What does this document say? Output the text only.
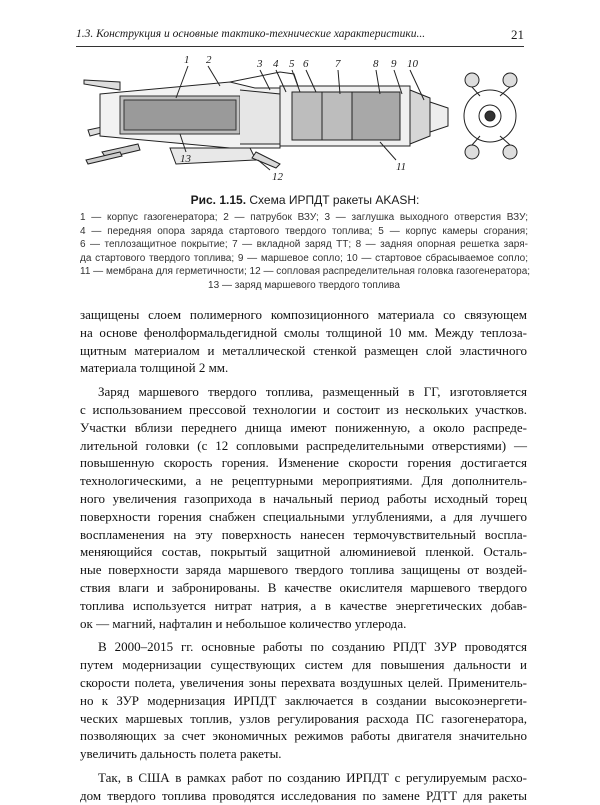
1.3. Конструкция и основные тактико-технические характеристики...	21
1 2	3 4 5 6 7	8 9 10
11
12
13
Рис. 1.15. Схема ИРПДТ ракеты AKASH:
1 — корпус газогенератора; 2 — патрубок ВЗУ; 3 — заглушка выходного отверстия ВЗУ;
4 — передняя опора заряда стартового твердого топлива; 5 — корпус камеры сгорания;
6 — теплозащитное покрытие; 7 — вкладной заряд ТТ; 8 — задняя опорная решетка заря-
да стартового твердого топлива; 9 — маршевое сопло; 10 — стартовое сбрасываемое сопло;
11 — мембрана для герметичности; 12 — сопловая распределительная головка газогенератора;
13 — заряд маршевого твердого топлива
защищены слоем полимерного композиционного материала со связующем
на основе фенолформальдегидной смолы толщиной 10 мм. Между теплоза-
щитным материалом и металлической стенкой размещен слой эластичного
материала толщиной 2 мм.
Заряд маршевого твердого топлива, размещенный в ГГ, изготовляется
с использованием прессовой технологии и состоит из нескольких участков.
Участки вблизи переднего днища имеют пониженную, а около распреде-
лительной головки (с 12 сопловыми распределительными отверстиями) —
повышенную скорость горения. Изменение скорости горения достигается
технологическими, а не рецептурными мероприятиями. Для дополнитель-
ного увеличения газоприхода в начальный период работы исходный торец
поверхности горения снабжен специальными углублениями, а для лучшего
воспламенения на эту поверхность нанесен термочувствительный воспла-
меняющийся состав, покрытый защитной алюминиевой пленкой. Осталь-
ные поверхности заряда маршевого твердого топлива защищены от воздей-
ствия влаги и забронированы. В качестве окислителя маршевого твердого
топлива используется нитрат натрия, а в качестве энергетических добав-
ок — магний, нафталин и небольшое количество углерода.
В 2000–2015 гг. основные работы по созданию РПДТ ЗУР проводятся
путем модернизации существующих систем для повышения дальности и
скорости полета, увеличения зоны перехвата воздушных целей. Применитель-
но к ЗУР модернизация ИРПДТ заключается в создании высокоэнергети-
ческих маршевых топлив, узлов регулирования расхода ПС газогенератора,
позволяющих за счет экономичных режимов работы двигателя значительно
увеличить дальность полета ракеты.
Так, в США в рамках работ по созданию ИРПДТ с регулируемым расхо-
дом твердого топлива проводятся исследования по замене РДТТ для ракеты
